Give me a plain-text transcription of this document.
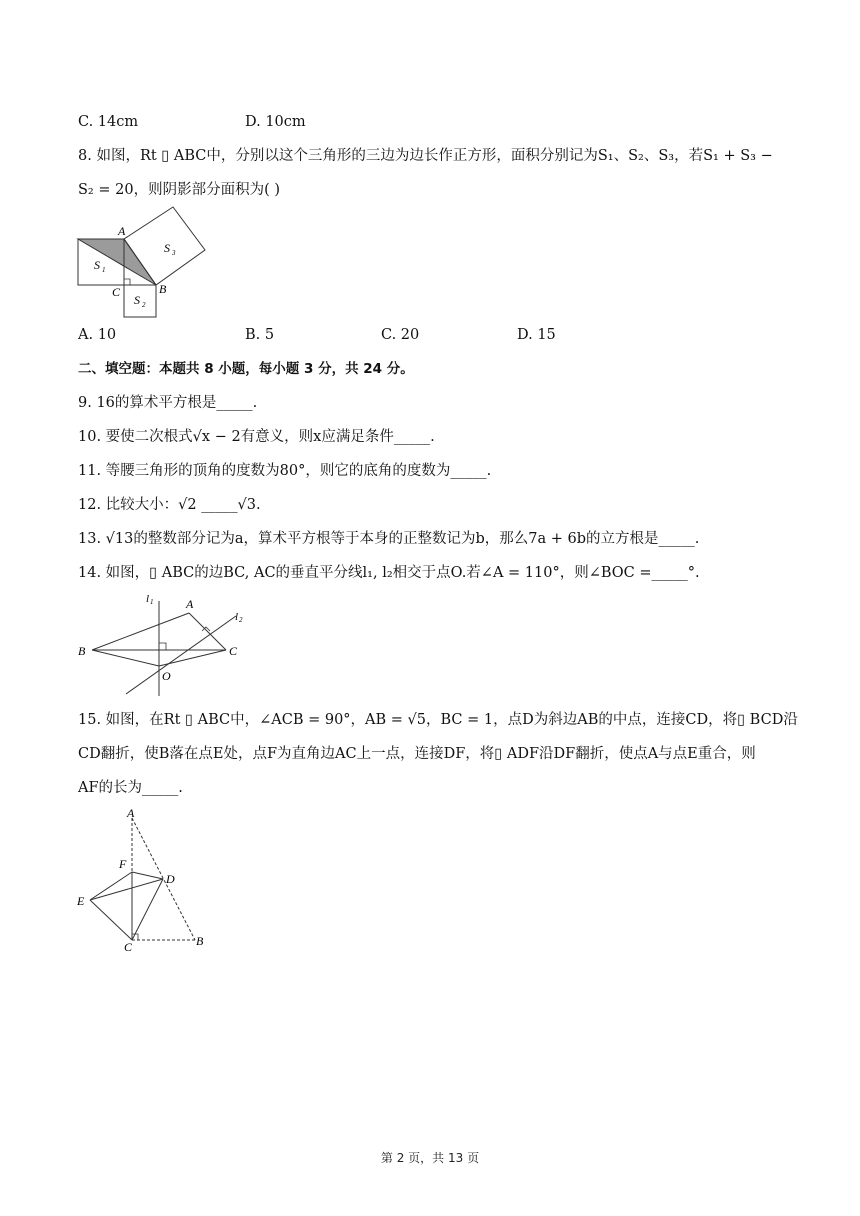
C. 14cm	D. 10cm
8. 如图，Rt ▯ ABC中，分别以这个三角形的三边为边长作正方形，面积分别记为S₁、S₂、S₃，若S₁ + S₃ −
S₂ = 20，则阴影部分面积为( )
A
B
C
S 1
S 2
S 3
A. 10	B. 5	C. 20	D. 15
二、填空题：本题共 8 小题，每小题 3 分，共 24 分。
9. 16的算术平方根是_____.
10. 要使二次根式√x − 2有意义，则x应满足条件_____.
11. 等腰三角形的顶角的度数为80°，则它的底角的度数为_____.
12. 比较大小：√2 _____√3.
13. √13的整数部分记为a，算术平方根等于本身的正整数记为b，那么7a + 6b的立方根是_____.
14. 如图，▯ ABC的边BC, AC的垂直平分线l₁, l₂相交于点O.若∠A = 110°，则∠BOC =_____°.
B
A
C
O
l 1
l 2
15. 如图，在Rt ▯ ABC中，∠ACB = 90°，AB = √5，BC = 1，点D为斜边AB的中点，连接CD，将▯ BCD沿
CD翻折，使B落在点E处，点F为直角边AC上一点，连接DF，将▯ ADF沿DF翻折，使点A与点E重合，则
AF的长为_____.
A
B
C
D
E
F
第 2 页，共 13 页
